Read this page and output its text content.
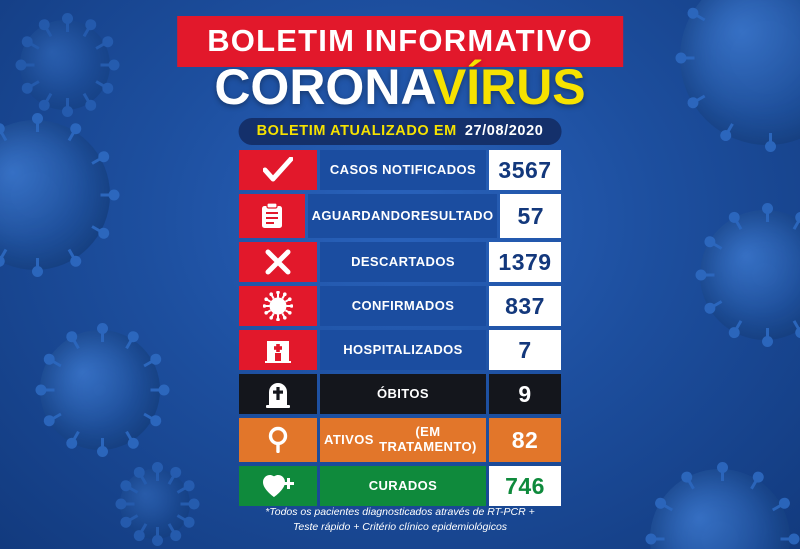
BOLETIM INFORMATIVO
CORONAVÍRUS
BOLETIM ATUALIZADO EM 27/08/2020
CASOS NOTIFICADOS 3567
AGUARDANDO RESULTADO	57
DESCARTADOS	1379
CONFIRMADOS	837
HOSPITALIZADOS	7
ÓBITOS	9
ATIVOS	(EM TRATAMENTO)	82
CURADOS	746
*Todos os pacientes diagnosticados através de RT-PCR +
Teste rápido + Critério clínico epidemiológicos
